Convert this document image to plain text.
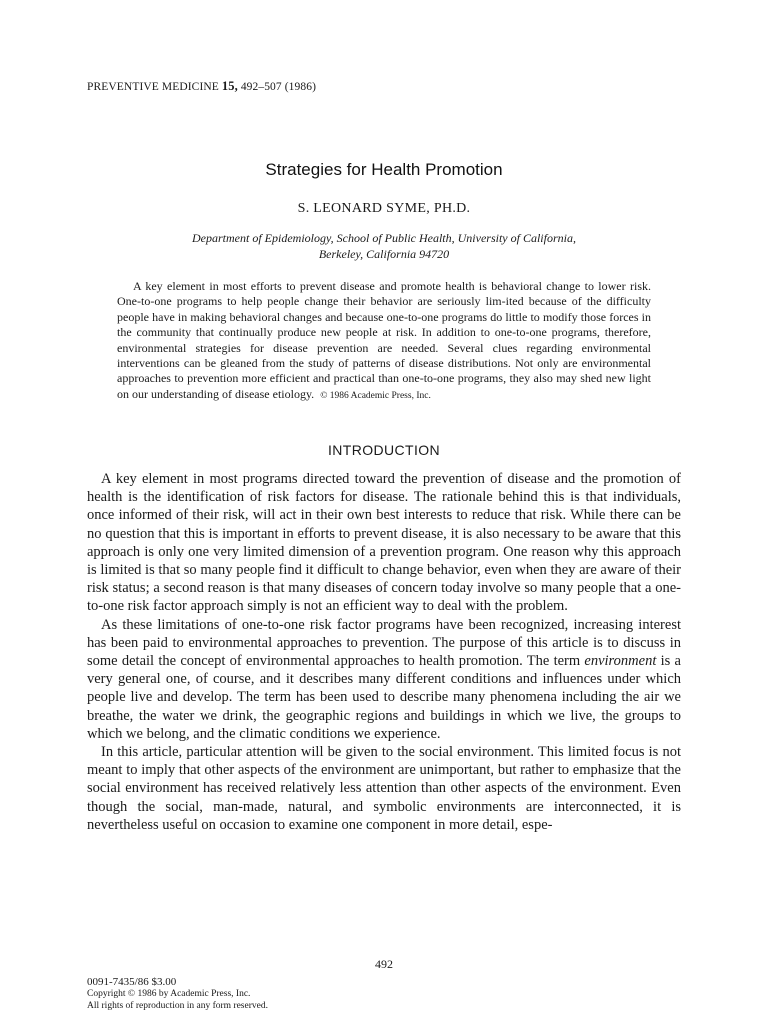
PREVENTIVE MEDICINE 15, 492–507 (1986)
Strategies for Health Promotion
S. LEONARD SYME, PH.D.
Department of Epidemiology, School of Public Health, University of California,
Berkeley, California 94720
A key element in most efforts to prevent disease and promote health is behavioral change to lower risk. One-to-one programs to help people change their behavior are seriously lim-ited because of the difficulty people have in making behavioral changes and because one-to-one programs do little to modify those forces in the community that continually produce new people at risk. In addition to one-to-one programs, therefore, environmental strategies for disease prevention are needed. Several clues regarding environmental interventions can be gleaned from the study of patterns of disease distributions. Not only are environmental approaches to prevention more efficient and practical than one-to-one programs, they also may shed new light on our understanding of disease etiology. © 1986 Academic Press, Inc.
INTRODUCTION

A key element in most programs directed toward the prevention of disease and the promotion of health is the identification of risk factors for disease. The rationale behind this is that individuals, once informed of their risk, will act in their own best interests to reduce that risk. While there can be no question that this is important in efforts to prevent disease, it is also necessary to be aware that this approach is only one very limited dimension of a prevention program. One reason why this approach is limited is that so many people find it difficult to change behavior, even when they are aware of their risk status; a second reason is that many diseases of concern today involve so many people that a one-to-one risk factor approach simply is not an efficient way to deal with the problem.

As these limitations of one-to-one risk factor programs have been recognized, increasing interest has been paid to environmental approaches to prevention. The purpose of this article is to discuss in some detail the concept of environmental approaches to health promotion. The term environment is a very general one, of course, and it describes many different conditions and influences under which people live and develop. The term has been used to describe many phenomena including the air we breathe, the water we drink, the geographic regions and buildings in which we live, the groups to which we belong, and the climatic conditions we experience.

In this article, particular attention will be given to the social environment. This limited focus is not meant to imply that other aspects of the environment are unimportant, but rather to emphasize that the social environment has received relatively less attention than other aspects of the environment. Even though the social, man-made, natural, and symbolic environments are interconnected, it is nevertheless useful on occasion to examine one component in more detail, espe-

492
0091-7435/86 $3.00
Copyright © 1986 by Academic Press, Inc.
All rights of reproduction in any form reserved.
